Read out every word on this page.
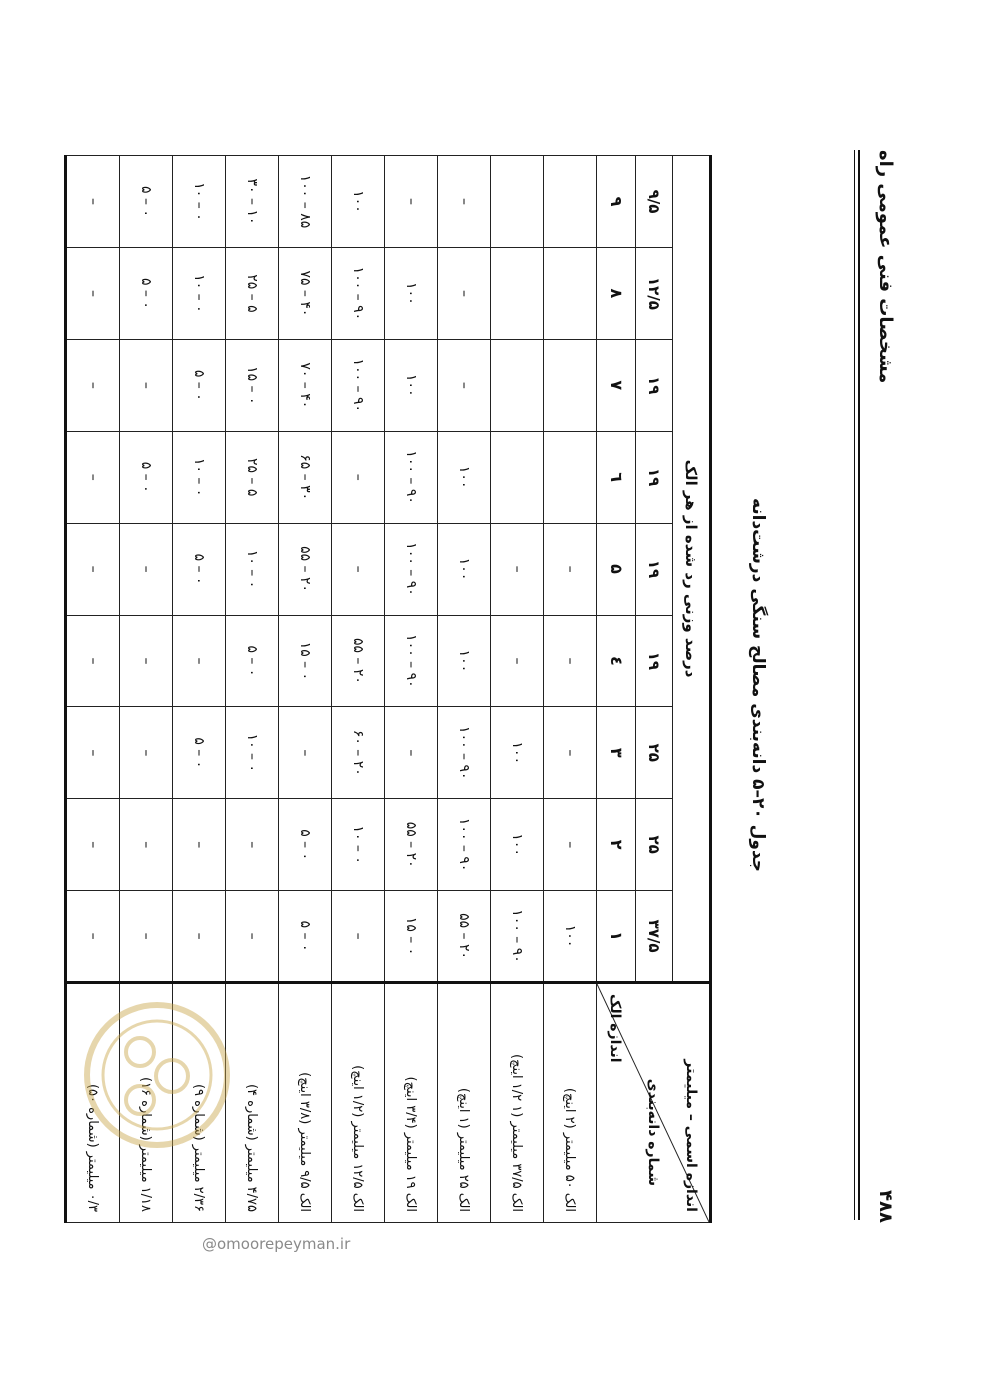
مشخصات فنی عمومی راه
۴۸۸
جدول ۲۰–۵ دانه‌بندی مصالح سنگی درشت‌دانه
اندازه اسمی – میلیمتر
شماره دانه‌بندی
اندازه الک	درصد وزنی رد شده از هر الک								
	۳۷/۵	۲۵	۲۵	۱۹	۱۹	۱۹	۱۹	۱۲/۵	۹/۵
	۱	۲	۳	٤	۵	٦	۷	۸	۹
الک ۵۰ میلیمتر (۲ اینچ)	۱۰۰	–	–	–	–				
الک ۳۷/۵ میلیمتر (۱ ۱/۲ اینچ)	۹۰ – ۱۰۰	۱۰۰	۱۰۰	–	–				
الک ۲۵ میلیمتر (۱ اینچ)	۲۰ – ۵۵	۹۰ – ۱۰۰	۹۰ – ۱۰۰	۱۰۰	۱۰۰	۱۰۰	–	–	–
الک ۱۹ میلیمتر (۳/۴ اینچ)	۰ – ۱۵	۲۰ – ۵۵	–	۹۰ – ۱۰۰	۹۰ – ۱۰۰	۹۰ – ۱۰۰	۱۰۰	۱۰۰	–
الک ۱۲/۵ میلیمتر (۱/۲ اینچ)	–	۰ – ۱۰	۲۰ – ۶۰	۲۰ – ۵۵	–	–	۹۰ – ۱۰۰	۹۰ – ۱۰۰	۱۰۰
الک ۹/۵ میلیمتر (۳/۸ اینچ)	۰ – ۵	۰ – ۵	–	۰ – ۱۵	۲۰ – ۵۵	۳۰ – ۶۵	۴۰ – ۷۰	۴۰ – ۷۵	۸۵ – ۱۰۰
۴/۷۵ میلیمتر (شماره ۴)	–	–	۰ – ۱۰	۰ – ۵	۰ – ۱۰	۵ – ۲۵	۰ – ۱۵	۵ – ۲۵	۱۰ – ۳۰
۲/۳۶ میلیمتر (شماره ۹)	–	–	۰ – ۵	–	۰ – ۵	۰ – ۱۰	۰ – ۵	۰ – ۱۰	۰ – ۱۰
۱/۱۸ میلیمتر (شماره ۱۶)	–	–	–	–	–	۰ – ۵	–	۰ – ۵	۰ – ۵
۰/۳ میلیمتر (شماره ۵۰)	–	–	–	–	–	–	–	–	–
@omoorepeyman.ir
